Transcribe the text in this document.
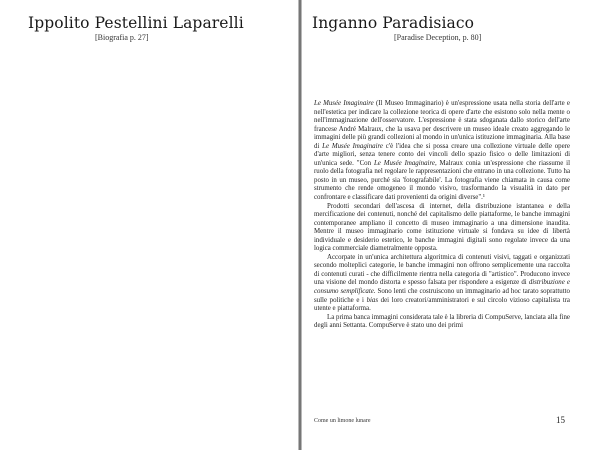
Ippolito Pestellini Laparelli
[Biografia p. 27]
Inganno Paradisiaco
[Paradise Deception, p. 80]

Le Musée Imaginaire (Il Museo Immaginario) è un'espressione usata nella storia dell'arte e nell'estetica per indicare la collezione teorica di opere d'arte che esistono solo nella mente o nell'immaginazione dell'osservatore. L'espressione è stata sdoganata dallo storico dell'arte francese André Malraux, che la usava per descrivere un museo ideale creato aggregando le immagini delle più grandi collezioni al mondo in un'unica istituzione immaginaria. Alla base di Le Musée Imaginaire c'è l'idea che si possa creare una collezione virtuale delle opere d'arte migliori, senza tenere conto dei vincoli dello spazio fisico o delle limitazioni di un'unica sede. "Con Le Musée Imaginaire, Malraux conia un'espressione che riassume il ruolo della fotografia nel regolare le rappresentazioni che entrano in una collezione. Tutto ha posto in un museo, purché sia 'fotografabile'. La fotografia viene chiamata in causa come strumento che rende omogeneo il mondo visivo, trasformando la visualità in dato per confrontare e classificare dati provenienti da origini diverse".¹

Prodotti secondari dell'ascesa di internet, della distribuzione istantanea e della mercificazione dei contenuti, nonché del capitalismo delle piattaforme, le banche immagini contemporanee ampliano il concetto di museo immaginario a una dimensione inaudita. Mentre il museo immaginario come istituzione virtuale si fondava su idee di libertà individuale e desiderio estetico, le banche immagini digitali sono regolate invece da una logica commerciale diametralmente opposta.

Accorpate in un'unica architettura algoritmica di contenuti visivi, taggati e organizzati secondo molteplici categorie, le banche immagini non offrono semplicemente una raccolta di contenuti curati - che difficilmente rientra nella categoria di "artistico". Producono invece una visione del mondo distorta e spesso falsata per rispondere a esigenze di distribuzione e consumo semplificate. Sono lenti che costruiscono un immaginario ad hoc tarato soprattutto sulle politiche e i bias dei loro creatori/amministratori e sul circolo vizioso capitalista tra utente e piattaforma.

La prima banca immagini considerata tale è la libreria di CompuServe, lanciata alla fine degli anni Settanta. CompuServe è stato uno dei primi

Come un limone lunare	15
